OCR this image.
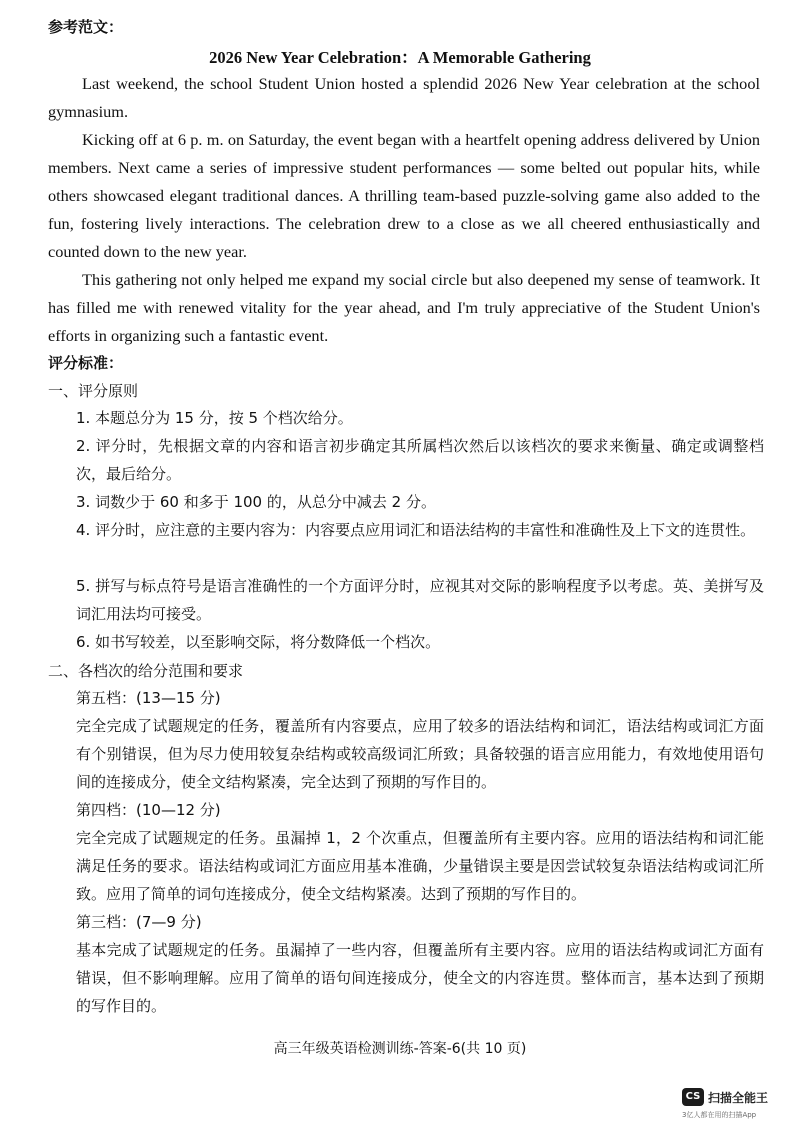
参考范文：
2026 New Year Celebration：A Memorable Gathering
Last weekend, the school Student Union hosted a splendid 2026 New Year celebration at the school gymnasium.
Kicking off at 6 p. m. on Saturday, the event began with a heartfelt opening address delivered by Union members. Next came a series of impressive student performances — some belted out popular hits, while others showcased elegant traditional dances. A thrilling team-based puzzle-solving game also added to the fun, fostering lively interactions. The celebration drew to a close as we all cheered enthusiastically and counted down to the new year.
This gathering not only helped me expand my social circle but also deepened my sense of teamwork. It has filled me with renewed vitality for the year ahead, and I'm truly appreciative of the Student Union's efforts in organizing such a fantastic event.
评分标准：
一、评分原则
1. 本题总分为 15 分，按 5 个档次给分。
2. 评分时，先根据文章的内容和语言初步确定其所属档次然后以该档次的要求来衡量、确定或调整档次，最后给分。
3. 词数少于 60 和多于 100 的，从总分中减去 2 分。
4. 评分时，应注意的主要内容为：内容要点应用词汇和语法结构的丰富性和准确性及上下文的连贯性。
5. 拼写与标点符号是语言准确性的一个方面评分时，应视其对交际的影响程度予以考虑。英、美拼写及词汇用法均可接受。
6. 如书写较差，以至影响交际，将分数降低一个档次。
二、各档次的给分范围和要求
第五档：(13—15 分)
完全完成了试题规定的任务，覆盖所有内容要点，应用了较多的语法结构和词汇，语法结构或词汇方面有个别错误，但为尽力使用较复杂结构或较高级词汇所致；具备较强的语言应用能力，有效地使用语句间的连接成分，使全文结构紧凑，完全达到了预期的写作目的。
第四档：(10—12 分)
完全完成了试题规定的任务。虽漏掉 1，2 个次重点，但覆盖所有主要内容。应用的语法结构和词汇能满足任务的要求。语法结构或词汇方面应用基本准确，少量错误主要是因尝试较复杂语法结构或词汇所致。应用了简单的词句连接成分，使全文结构紧凑。达到了预期的写作目的。
第三档：(7—9 分)
基本完成了试题规定的任务。虽漏掉了一些内容，但覆盖所有主要内容。应用的语法结构或词汇方面有错误，但不影响理解。应用了简单的语句间连接成分，使全文的内容连贯。整体而言，基本达到了预期的写作目的。
高三年级英语检测训练-答案-6(共 10 页)
CS 扫描全能王
3亿人都在用的扫描App
